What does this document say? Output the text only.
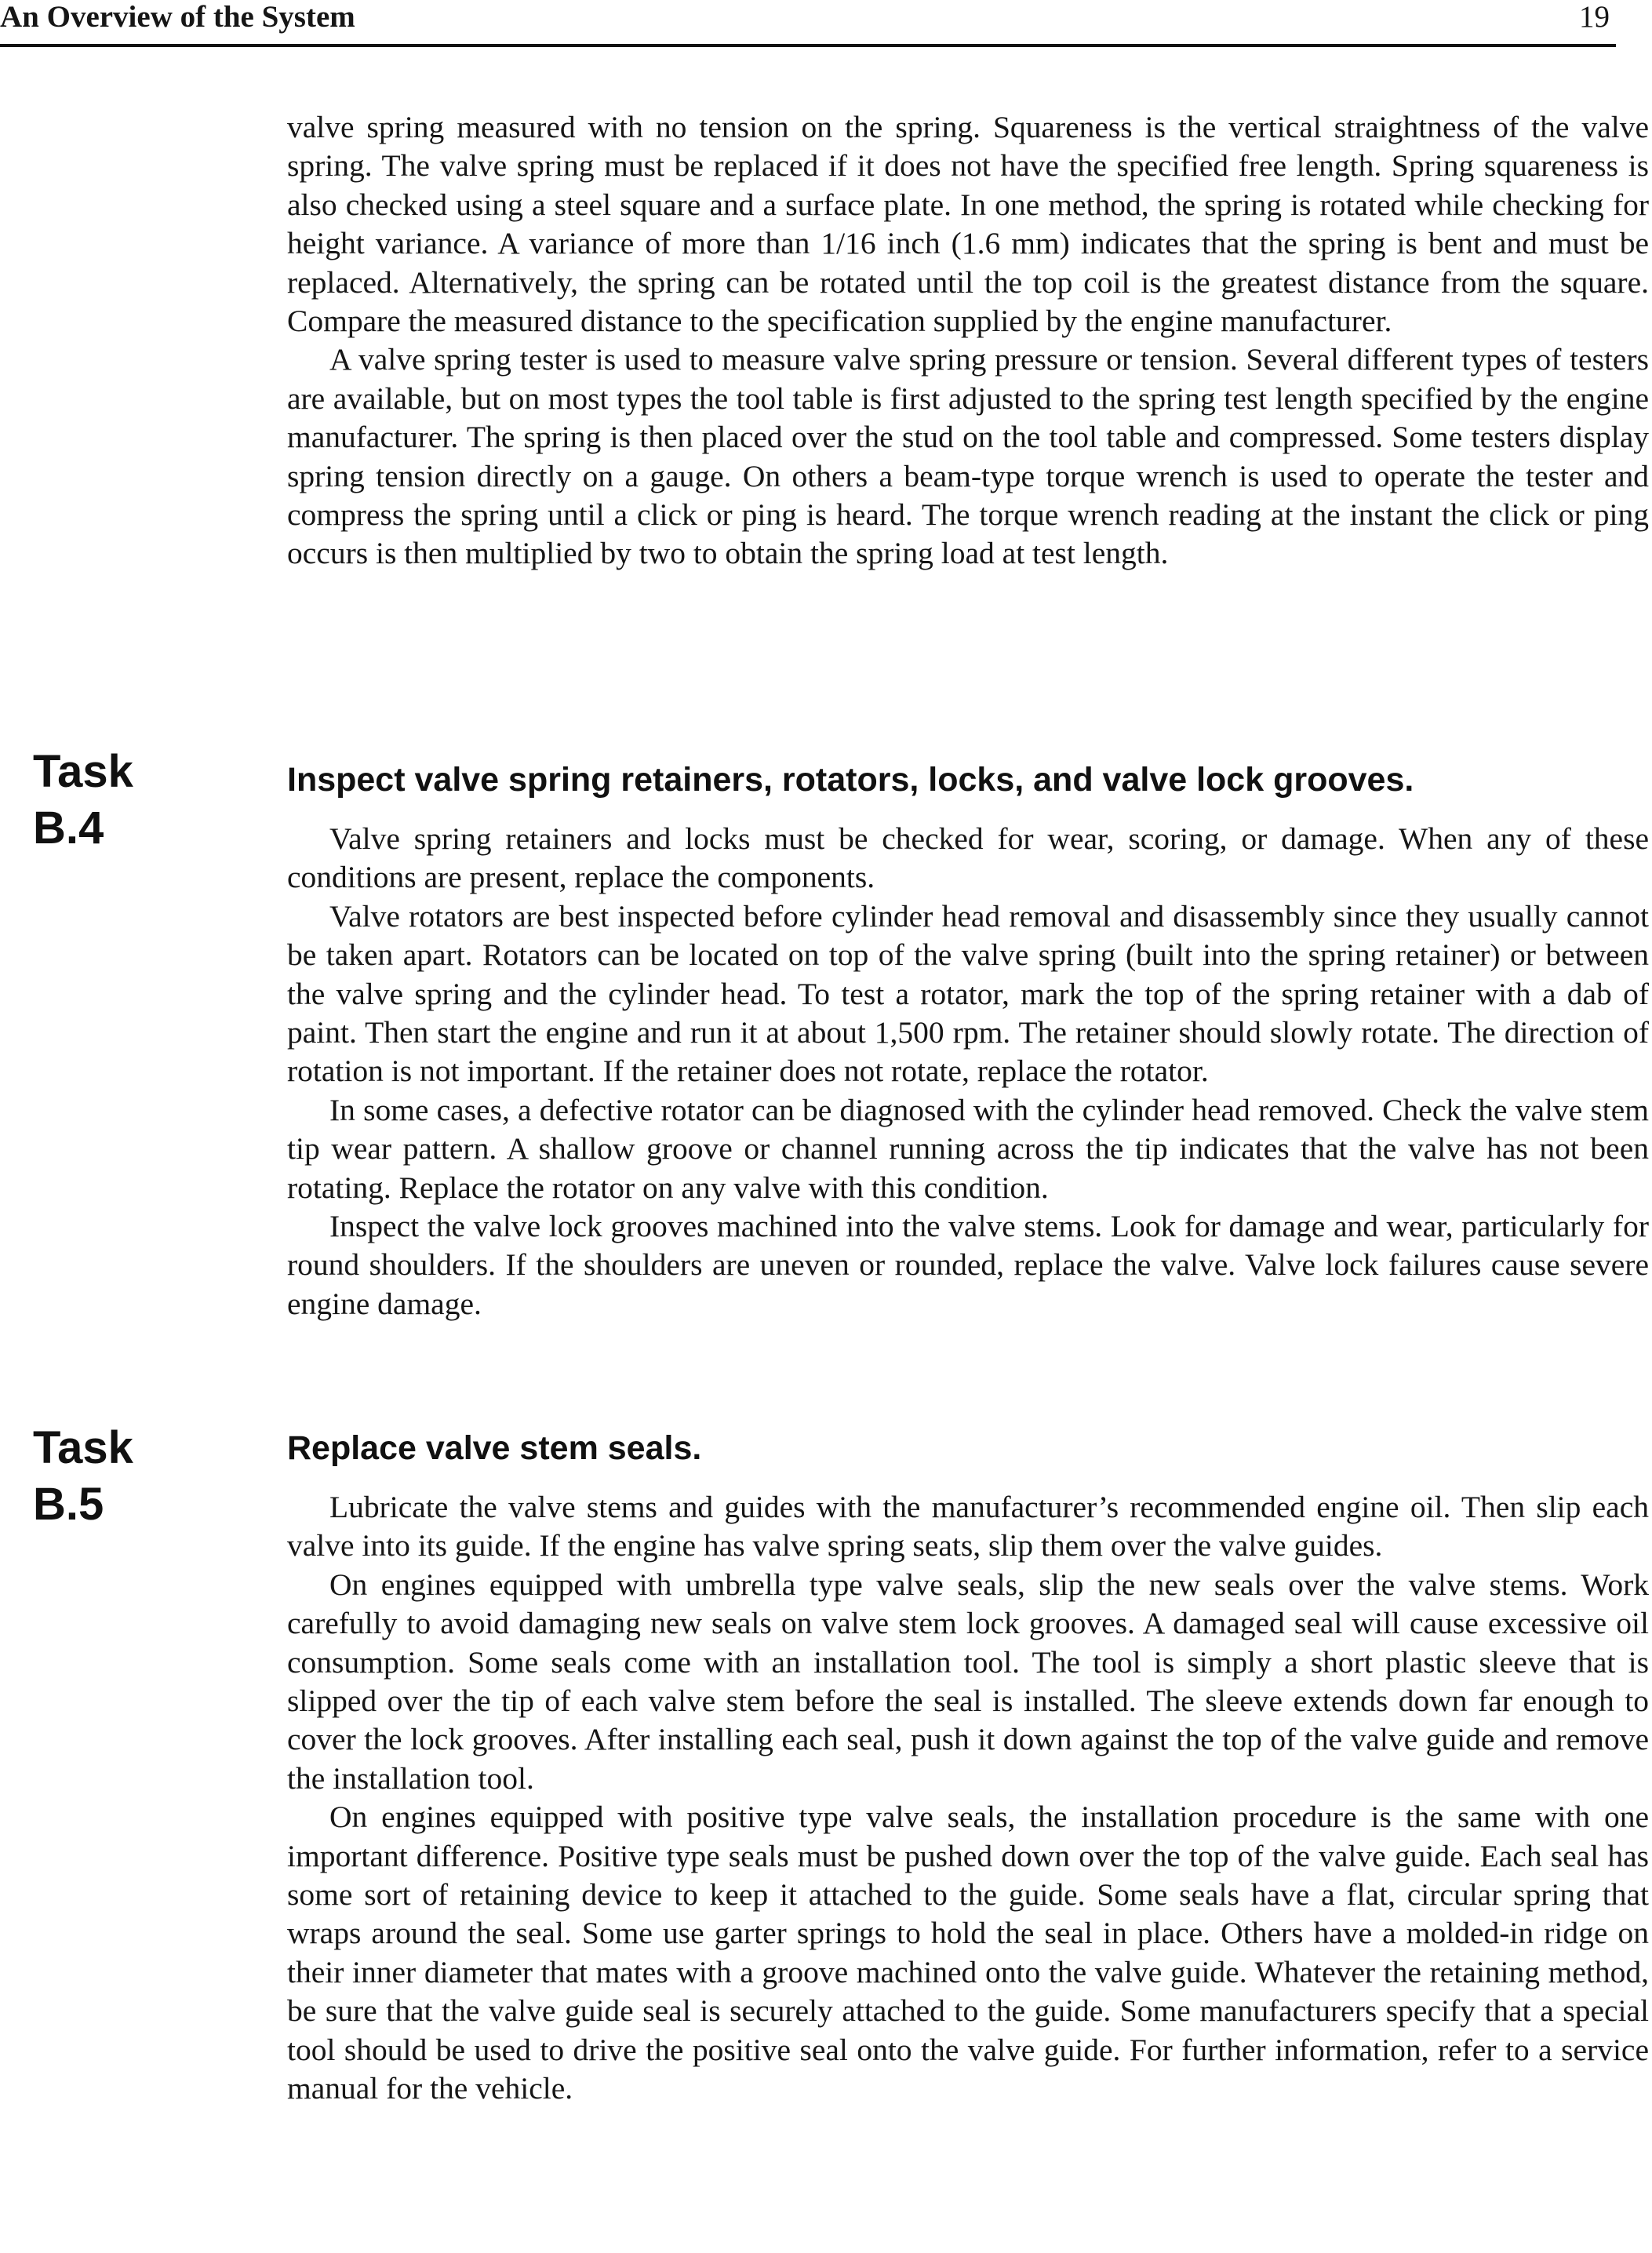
An Overview of the System	19

valve spring measured with no tension on the spring. Squareness is the vertical straightness of the valve spring. The valve spring must be replaced if it does not have the specified free length. Spring squareness is also checked using a steel square and a surface plate. In one method, the spring is rotated while checking for height variance. A variance of more than 1/16 inch (1.6 mm) indicates that the spring is bent and must be replaced. Alternatively, the spring can be rotated until the top coil is the greatest distance from the square. Compare the measured distance to the specification supplied by the engine manufacturer.

A valve spring tester is used to measure valve spring pressure or tension. Several different types of testers are available, but on most types the tool table is first adjusted to the spring test length specified by the engine manufacturer. The spring is then placed over the stud on the tool table and compressed. Some testers display spring tension directly on a gauge. On others a beam-type torque wrench is used to operate the tester and compress the spring until a click or ping is heard. The torque wrench reading at the instant the click or ping occurs is then multiplied by two to obtain the spring load at test length.

Task
B.4
Inspect valve spring retainers, rotators, locks, and valve lock grooves.

Valve spring retainers and locks must be checked for wear, scoring, or damage. When any of these conditions are present, replace the components.

Valve rotators are best inspected before cylinder head removal and disassembly since they usually cannot be taken apart. Rotators can be located on top of the valve spring (built into the spring retainer) or between the valve spring and the cylinder head. To test a rotator, mark the top of the spring retainer with a dab of paint. Then start the engine and run it at about 1,500 rpm. The retainer should slowly rotate. The direction of rotation is not important. If the retainer does not rotate, replace the rotator.

In some cases, a defective rotator can be diagnosed with the cylinder head removed. Check the valve stem tip wear pattern. A shallow groove or channel running across the tip indicates that the valve has not been rotating. Replace the rotator on any valve with this condition.

Inspect the valve lock grooves machined into the valve stems. Look for damage and wear, particularly for round shoulders. If the shoulders are uneven or rounded, replace the valve. Valve lock failures cause severe engine damage.

Task
B.5
Replace valve stem seals.

Lubricate the valve stems and guides with the manufacturer’s recommended engine oil. Then slip each valve into its guide. If the engine has valve spring seats, slip them over the valve guides.

On engines equipped with umbrella type valve seals, slip the new seals over the valve stems. Work carefully to avoid damaging new seals on valve stem lock grooves. A damaged seal will cause excessive oil consumption. Some seals come with an installation tool. The tool is simply a short plastic sleeve that is slipped over the tip of each valve stem before the seal is installed. The sleeve extends down far enough to cover the lock grooves. After installing each seal, push it down against the top of the valve guide and remove the installation tool.

On engines equipped with positive type valve seals, the installation procedure is the same with one important difference. Positive type seals must be pushed down over the top of the valve guide. Each seal has some sort of retaining device to keep it attached to the guide. Some seals have a flat, circular spring that wraps around the seal. Some use garter springs to hold the seal in place. Others have a molded-in ridge on their inner diameter that mates with a groove machined onto the valve guide. Whatever the retaining method, be sure that the valve guide seal is securely attached to the guide. Some manufacturers specify that a special tool should be used to drive the positive seal onto the valve guide. For further information, refer to a service manual for the vehicle.
